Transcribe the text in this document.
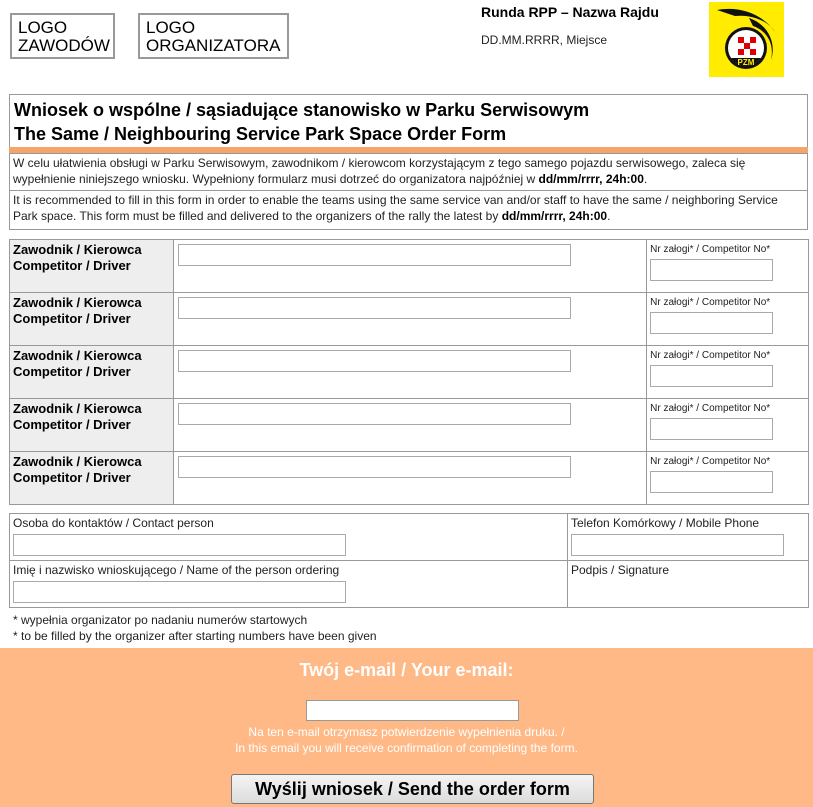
LOGO
ZAWODÓW
LOGO
ORGANIZATORA
Runda RPP – Nazwa Rajdu
DD.MM.RRRR, Miejsce
PZM
Wniosek o wspólne / sąsiadujące stanowisko w Parku Serwisowym
The Same / Neighbouring Service Park Space Order Form
W celu ułatwienia obsługi w Parku Serwisowym, zawodnikom / kierowcom korzystającym z tego samego pojazdu serwisowego, zaleca się wypełnienie niniejszego wniosku. Wypełniony formularz musi dotrzeć do organizatora najpóźniej w dd/mm/rrrr, 24h:00.
It is recommended to fill in this form in order to enable the teams using the same service van and/or staff to have the same / neighboring Service Park space. This form must be filled and delivered to the organizers of the rally the latest by dd/mm/rrrr, 24h:00.
Zawodnik / Kierowca
Competitor / Driver		Nr załogi* / Competitor No*

Zawodnik / Kierowca
Competitor / Driver		Nr załogi* / Competitor No*

Zawodnik / Kierowca
Competitor / Driver		Nr załogi* / Competitor No*

Zawodnik / Kierowca
Competitor / Driver		Nr załogi* / Competitor No*

Zawodnik / Kierowca
Competitor / Driver		Nr załogi* / Competitor No*
Osoba do kontaktów / Contact person	Telefon Komórkowy / Mobile Phone

Imię i nazwisko wnioskującego / Name of the person ordering	Podpis / Signature
* wypełnia organizator po nadaniu numerów startowych
* to be filled by the organizer after starting numbers have been given
Twój e-mail / Your e-mail:
Na ten e-mail otrzymasz potwierdzenie wypełnienia druku. /
In this email you will receive confirmation of completing the form.
Wyślij wniosek / Send the order form
